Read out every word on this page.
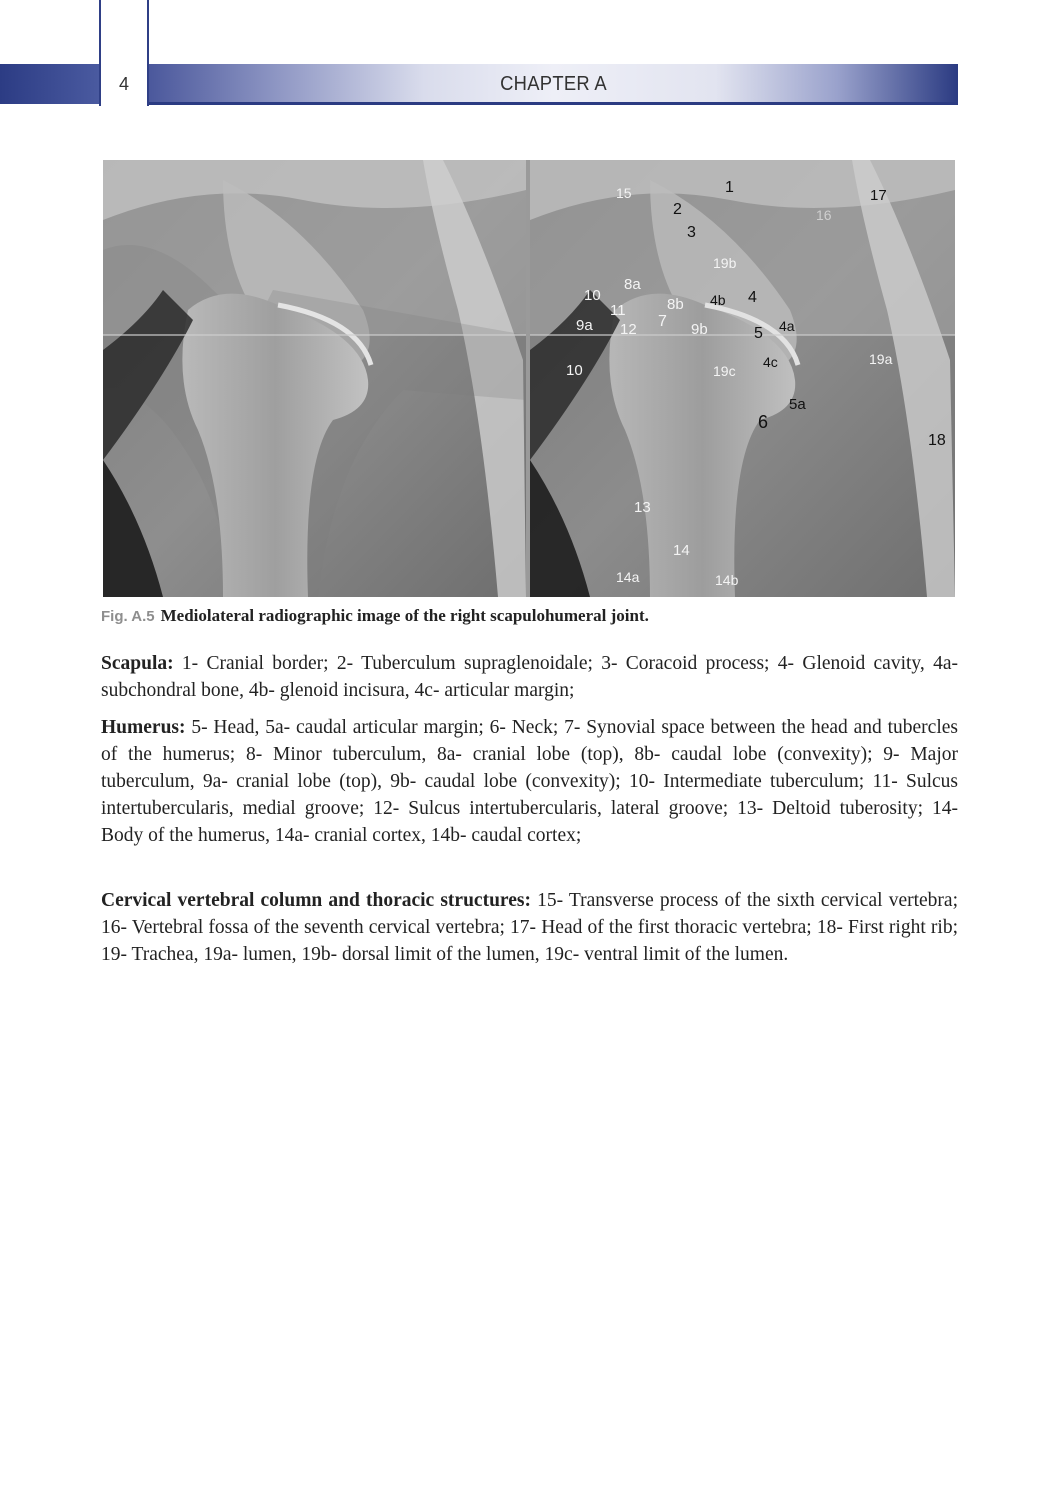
4	CHAPTER A
15	1
2
3
16
17
19b
8a
10
8b 4b 4
11
9a 12 7 9b	4a
5
4c	19a
10	19c
5a
6
18
13
14
14a	14b
Fig. A.5 Mediolateral radiographic image of the right scapulohumeral joint.
Scapula: 1- Cranial border; 2- Tuberculum supraglenoidale; 3- Coracoid process; 4- Glenoid cavity, 4a- subchondral bone, 4b- glenoid incisura, 4c- articular margin;
Humerus: 5- Head, 5a- caudal articular margin; 6- Neck; 7- Synovial space between the head and tubercles of the humerus; 8- Minor tuberculum, 8a- cranial lobe (top), 8b- caudal lobe (convexity); 9- Major tuberculum, 9a- cranial lobe (top), 9b- caudal lobe (convexity); 10- Intermediate tuberculum; 11- Sulcus intertubercularis, medial groove; 12- Sulcus intertubercularis, lateral groove; 13- Deltoid tuberosity; 14- Body of the humerus, 14a- cranial cortex, 14b- caudal cortex;
Cervical vertebral column and thoracic structures: 15- Transverse process of the sixth cervical vertebra; 16- Vertebral fossa of the seventh cervical vertebra; 17- Head of the first thoracic vertebra; 18- First right rib; 19- Trachea, 19a- lumen, 19b- dorsal limit of the lumen, 19c- ventral limit of the lumen.
